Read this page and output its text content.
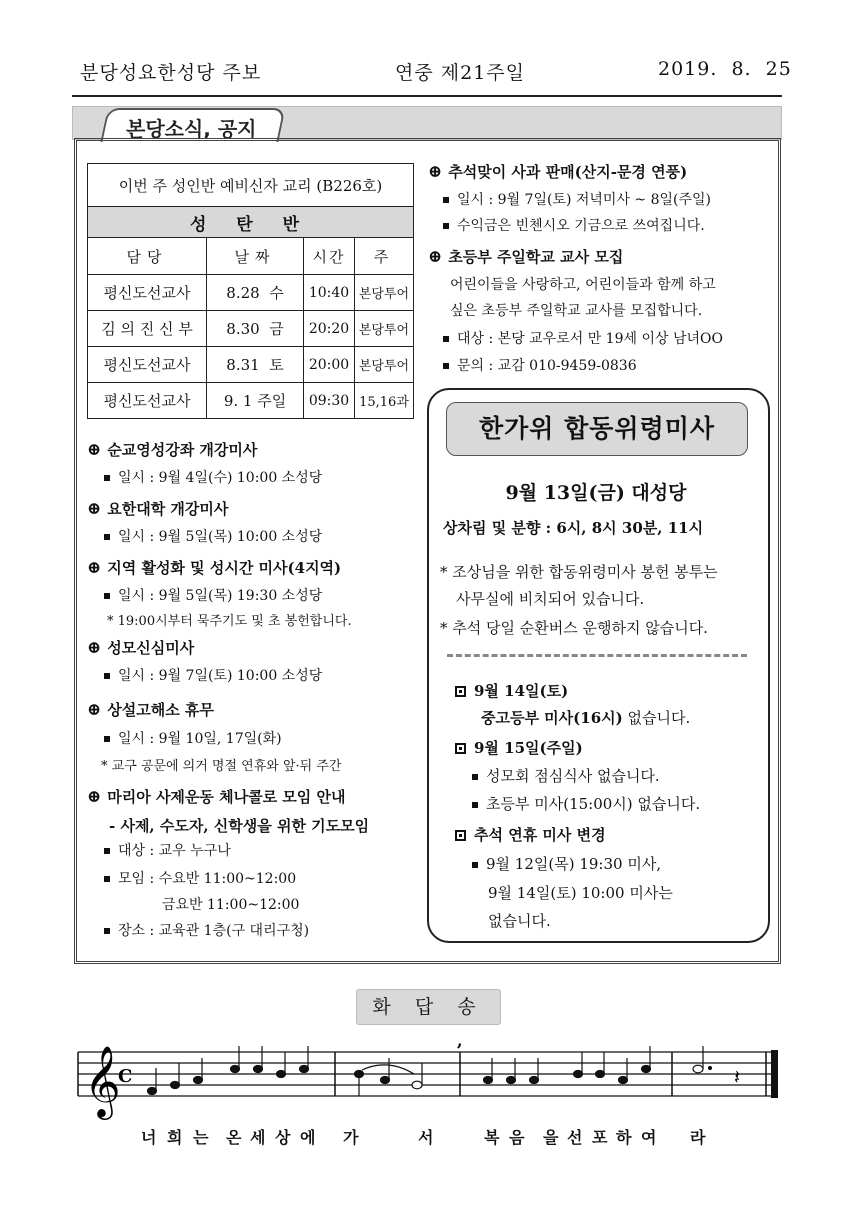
분당성요한성당 주보	연중 제21주일	2019.  8.  25
본당소식, 공지
이번 주 성인반 예비신자 교리 (B226호)			
성 탄 반			
담당	날짜	시간	주
평신도선교사	8.28  수	10:40	본당투어
김 의 진 신 부	8.30  금	20:20	본당투어
평신도선교사	8.31  토	20:00	본당투어
평신도선교사	9. 1 주일	09:30	15,16과
⊕ 순교영성강좌 개강미사
일시 : 9월 4일(수) 10:00 소성당
⊕ 요한대학 개강미사
일시 : 9월 5일(목) 10:00 소성당
⊕ 지역 활성화 및 성시간 미사(4지역)
일시 : 9월 5일(목) 19:30 소성당
* 19:00시부터 묵주기도 및 초 봉헌합니다.
⊕ 성모신심미사
일시 : 9월 7일(토) 10:00 소성당
⊕ 상설고해소 휴무
일시 : 9월 10일, 17일(화)
* 교구 공문에 의거 명절 연휴와 앞·뒤 주간
⊕ 마리아 사제운동 체나콜로 모임 안내
- 사제, 수도자, 신학생을 위한 기도모임
대상 : 교우 누구나
모임 : 수요반 11:00~12:00
금요반 11:00~12:00
장소 : 교육관 1층(구 대리구청)
⊕ 추석맞이 사과 판매(산지-문경 연풍)
일시 : 9월 7일(토) 저녁미사 ~ 8일(주일)
수익금은 빈첸시오 기금으로 쓰여집니다.
⊕ 초등부 주일학교 교사 모집
어린이들을 사랑하고, 어린이들과 함께 하고
싶은 초등부 주일학교 교사를 모집합니다.
대상 : 본당 교우로서 만 19세 이상 남녀OO
문의 : 교감 010-9459-0836
한가위 합동위령미사
9월 13일(금) 대성당
상차림 및 분향 : 6시, 8시 30분, 11시
* 조상님을 위한 합동위령미사 봉헌 봉투는
사무실에 비치되어 있습니다.
* 추석 당일 순환버스 운행하지 않습니다.
9월 14일(토)
중고등부 미사(16시) 없습니다.
9월 15일(주일)
성모회 점심식사 없습니다.
초등부 미사(15:00시) 없습니다.
추석 연휴 미사 변경
9월 12일(목) 19:30 미사,
9월 14일(토) 10:00 미사는
없습니다.
화 답 송
𝄞
C
,
𝄽
너 희 는 온 세 상 에 가	서	복 음 을 선 포 하 여 라
